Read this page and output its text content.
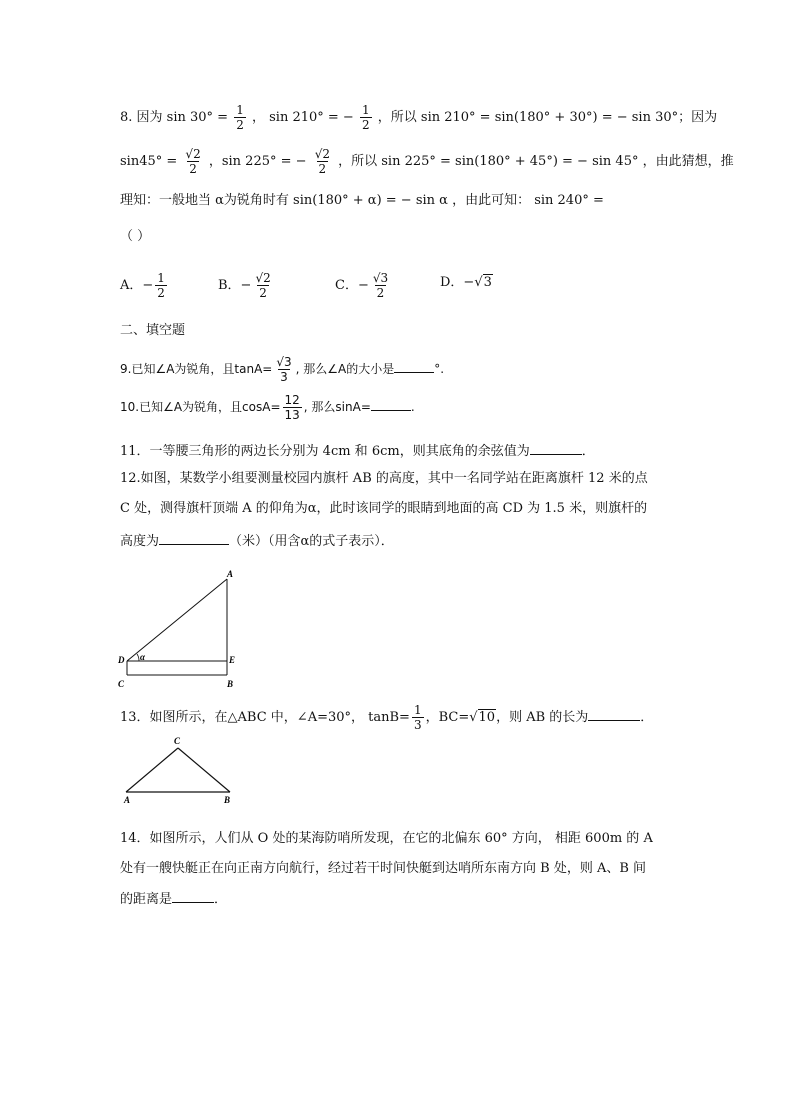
8. 因为 $\sin 30^\circ = \frac{1}{2}$ ， sin 210° = − $\frac{1}{2}$ ，所以 sin 210° = sin(180° + 30°) = − sin 30°；因为
$\sin 45^\circ = \frac{√2}{2}$ ，sin 225° = − $\frac{√2}{2}$ ，所以 sin 225° = sin(180° + 45°) = − sin 45° ，由此猜想，推
理知：一般地当 α为锐角时有 sin(180° + α) = − sin α ，由此可知： sin 240° =
（ ）
A．− $\frac{1}{2}$	B．− $\frac{√2}{2}$	C．− $\frac{√3}{2}$	D．−√3
二、填空题
9.已知∠A为锐角，且$\tan A= \frac{√3}{3}$ , 那么∠A的大小是	°.
10.已知∠A为锐角，且$\cos A= \frac{12}{13}$ , 那么sinA=	.
11．一等腰三角形的两边长分别为 4cm 和 6cm，则其底角的余弦值为	．
12.如图，某数学小组要测量校园内旗杆 AB 的高度，其中一名同学站在距离旗杆 12 米的点
C 处，测得旗杆顶端 A 的仰角为α，此时该同学的眼睛到地面的高 CD 为 1.5 米，则旗杆的
高度为	（米）（用含α的式子表示）．
A
B
C
D	E
α
13．如图所示，在△ABC 中，∠A=30°， $\tan B= \frac{1}{3}$ ，BC=√10，则 AB 的长为	．
C
A	B
14．如图所示，人们从 O 处的某海防哨所发现，在它的北偏东 60° 方向， 相距 600m 的 A
处有一艘快艇正在向正南方向航行，经过若干时间快艇到达哨所东南方向 B 处，则 A、B 间
的距离是	．
